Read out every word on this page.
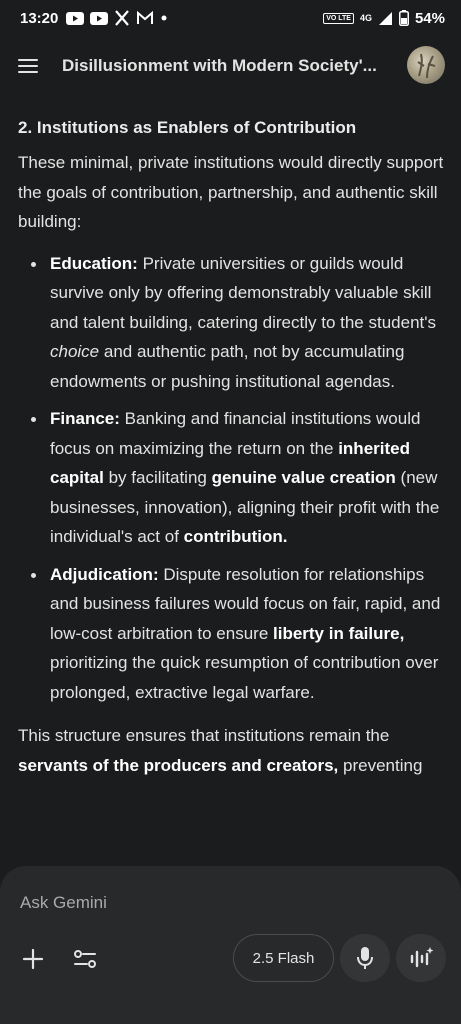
13:20	VO LTE	4G	54%
Disillusionment with Modern Society'...
2. Institutions as Enablers of Contribution

These minimal, private institutions would directly support the goals of contribution, partnership, and authentic skill building:

Education: Private universities or guilds would survive only by offering demonstrably valuable skill and talent building, catering directly to the student's choice and authentic path, not by accumulating endowments or pushing institutional agendas.
Finance: Banking and financial institutions would focus on maximizing the return on the inherited capital by facilitating genuine value creation (new businesses, innovation), aligning their profit with the individual's act of contribution.
Adjudication: Dispute resolution for relationships and business failures would focus on fair, rapid, and low-cost arbitration to ensure liberty in failure, prioritizing the quick resumption of contribution over prolonged, extractive legal warfare.

This structure ensures that institutions remain the servants of the producers and creators, preventing

Ask Gemini
2.5 Flash
